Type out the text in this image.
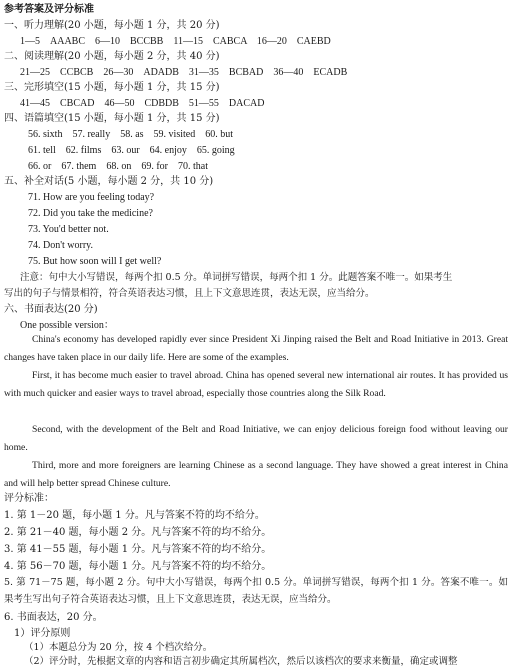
参考答案及评分标准
一、听力理解(20 小题，每小题 1 分，共 20 分)
1—5　AAABC　6—10　BCCBB　11—15　CABCA　16—20　CAEBD
二、阅读理解(20 小题，每小题 2 分，共 40 分)
21—25　CCBCB　26—30　ADADB　31—35　BCBAD　36—40　ECADB
三、完形填空(15 小题，每小题 1 分，共 15 分)
41—45　CBCAD　46—50　CDBDB　51—55　DACAD
四、语篇填空(15 小题，每小题 1 分，共 15 分)
56. sixth　57. really　58. as　59. visited　60. but
61. tell　62. films　63. our　64. enjoy　65. going
66. or　67. them　68. on　69. for　70. that
五、补全对话(5 小题，每小题 2 分，共 10 分)
71. How are you feeling today?
72. Did you take the medicine?
73. You'd better not.
74. Don't worry.
75. But how soon will I get well?
注意：句中大小写错误，每两个扣 0.5 分。单词拼写错误，每两个扣 1 分。此题答案不唯一。如果考生
写出的句子与情景相符，符合英语表达习惯，且上下文意思连贯，表达无误，应当给分。
六、书面表达(20 分)
One possible version：
China's economy has developed rapidly ever since President Xi Jinping raised the Belt and Road Initiative in 2013. Great changes have taken place in our daily life. Here are some of the examples.
First, it has become much easier to travel abroad. China has opened several new international air routes. It has provided us with much quicker and easier ways to travel abroad, especially those countries along the Silk Road.
Second, with the development of the Belt and Road Initiative, we can enjoy delicious foreign food without leaving our home.
Third, more and more foreigners are learning Chinese as a second language. They have showed a great interest in China and will help better spread Chinese culture.
评分标准：
1. 第 1－20 题，每小题 1 分。凡与答案不符的均不给分。
2. 第 21－40 题，每小题 2 分。凡与答案不符的均不给分。
3. 第 41－55 题，每小题 1 分。凡与答案不符的均不给分。
4. 第 56－70 题，每小题 1 分。凡与答案不符的均不给分。
5. 第 71－75 题，每小题 2 分。句中大小写错误，每两个扣 0.5 分。单词拼写错误，每两个扣 1 分。答案不唯一。如果考生写出句子符合英语表达习惯，且上下文意思连贯，表达无误，应当给分。
6. 书面表达，20 分。
1）评分原则
（1）本题总分为 20 分，按 4 个档次给分。
（2）评分时，先根据文章的内容和语言初步确定其所属档次，然后以该档次的要求来衡量，确定或调整
